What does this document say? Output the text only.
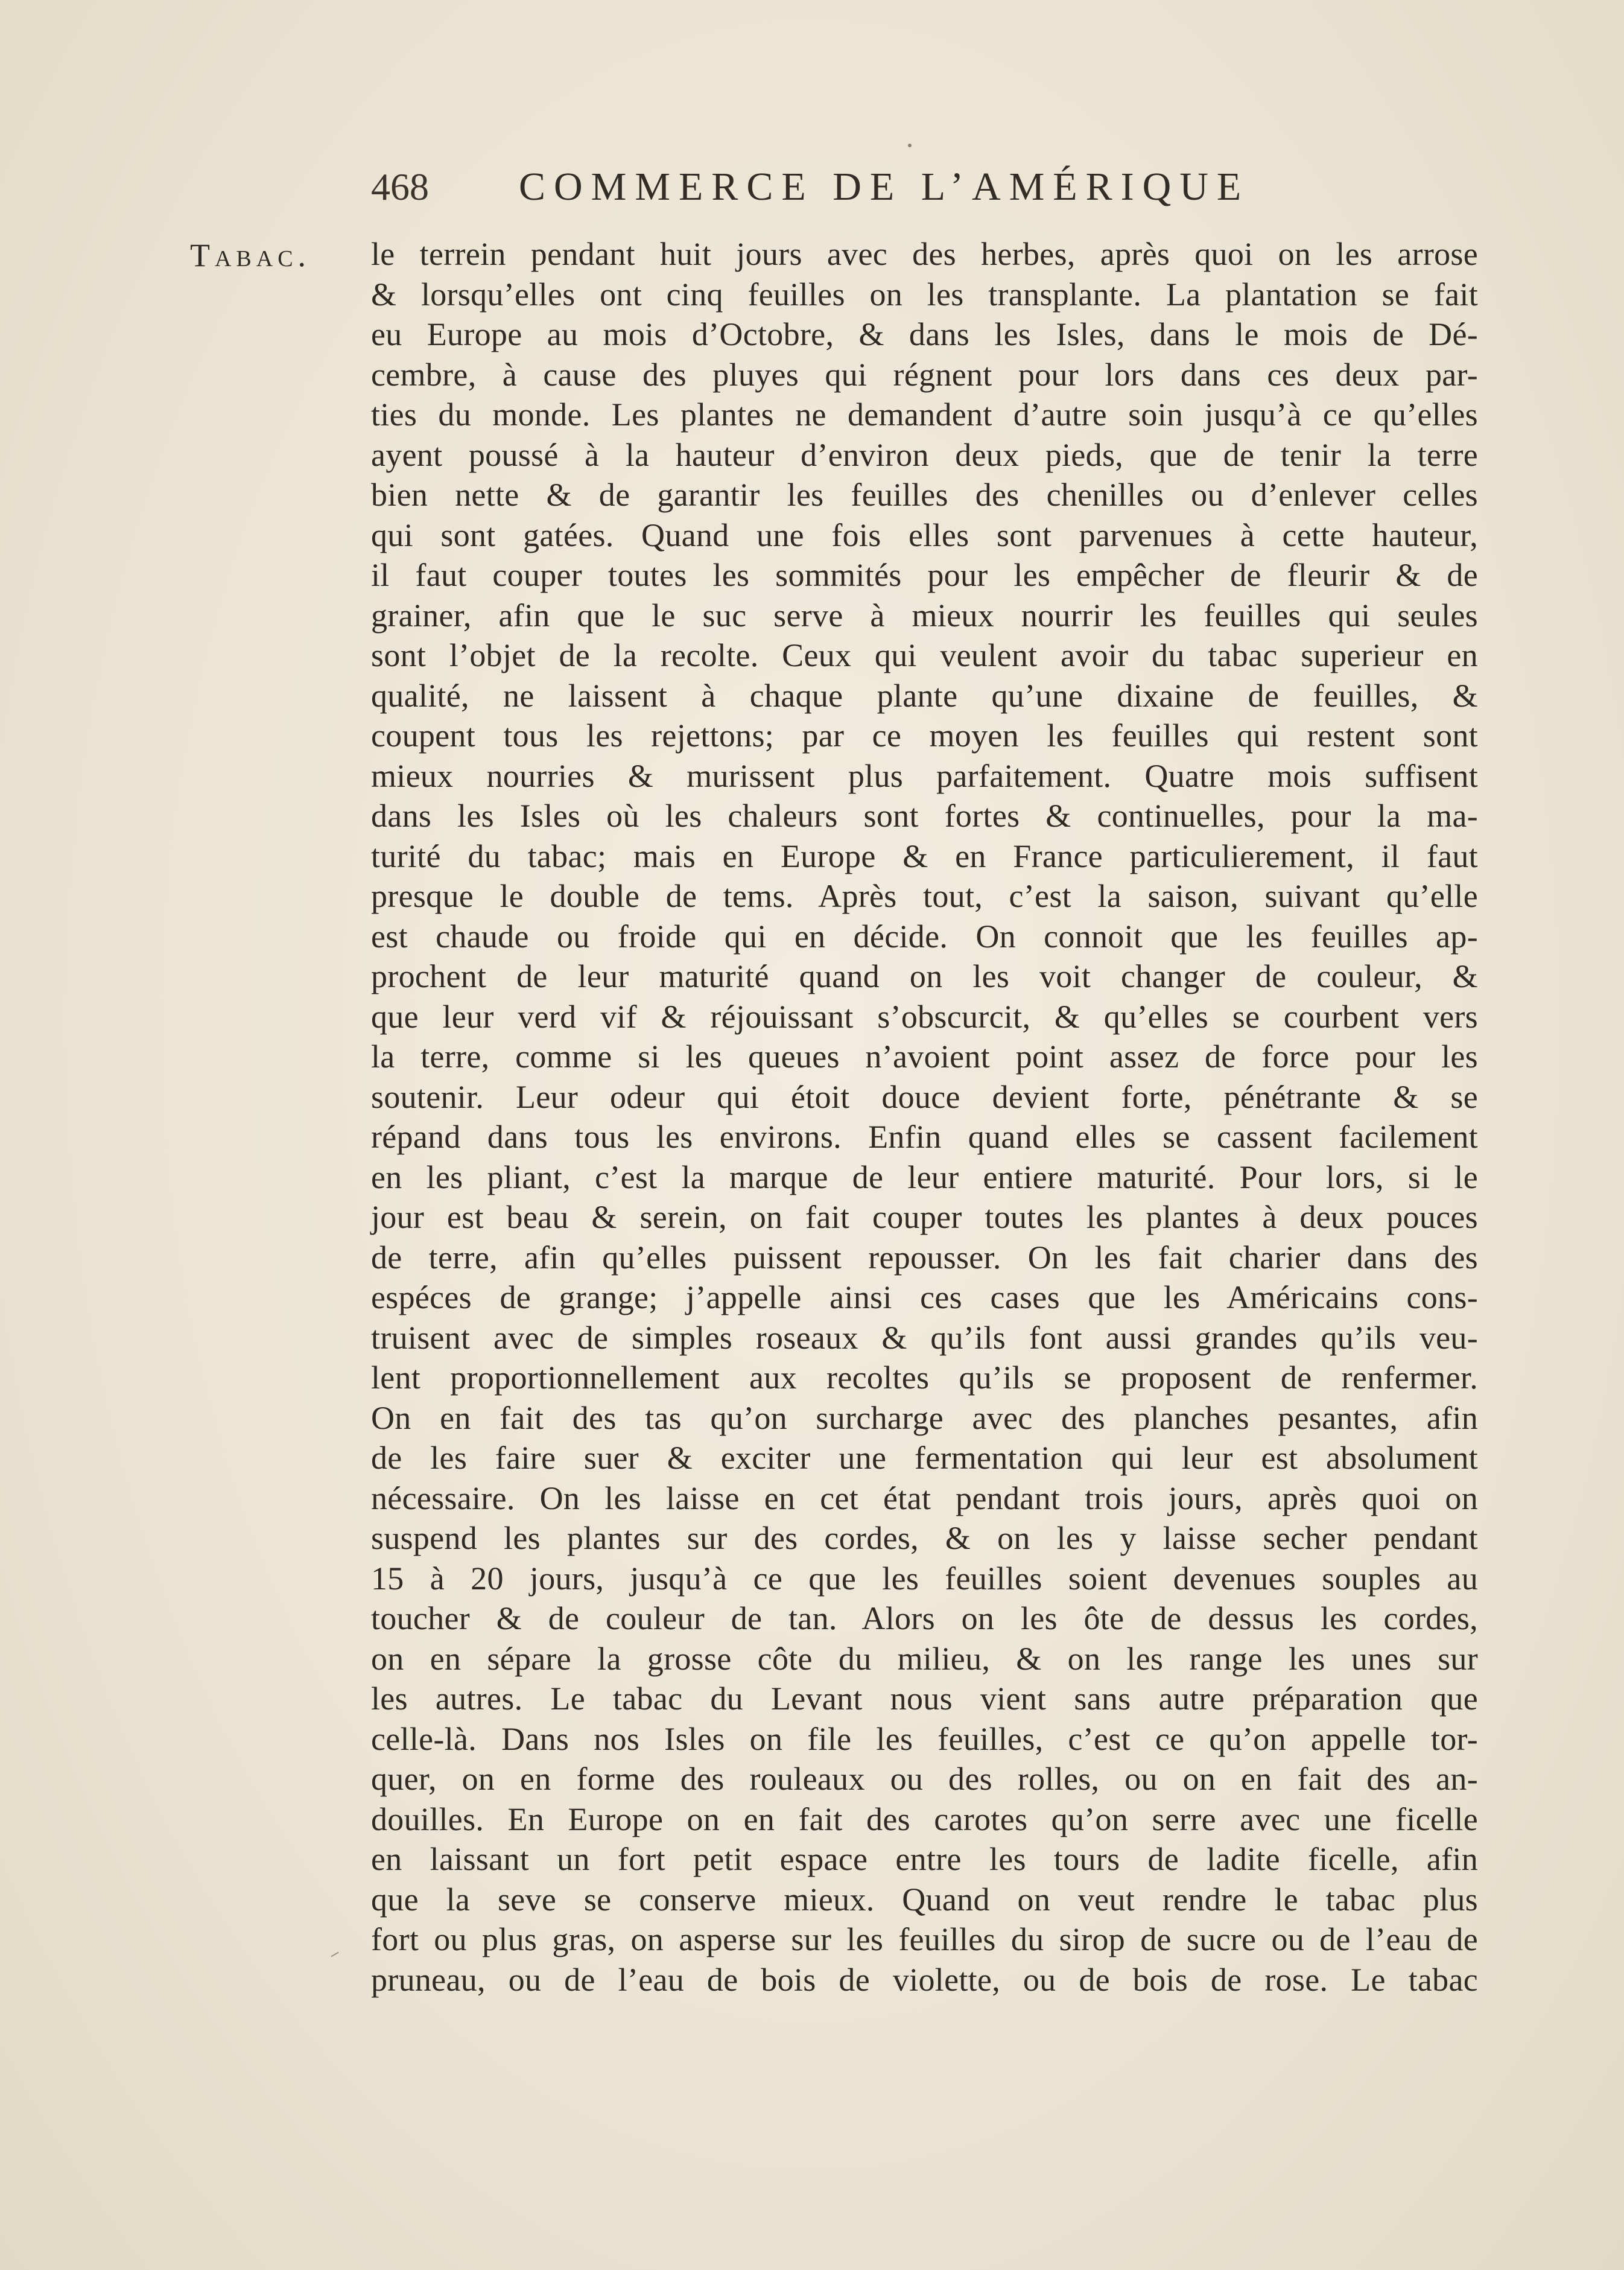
468	COMMERCE DE L’AMÉRIQUE
Tabac. le terrein pendant huit jours avec des herbes, après quoi on les arrose
& lorsqu’elles ont cinq feuilles on les transplante. La plantation se fait
eu Europe au mois d’Octobre, & dans les Isles, dans le mois de Dé-
cembre, à cause des pluyes qui régnent pour lors dans ces deux par-
ties du monde. Les plantes ne demandent d’autre soin jusqu’à ce qu’elles
ayent poussé à la hauteur d’environ deux pieds, que de tenir la terre
bien nette & de garantir les feuilles des chenilles ou d’enlever celles
qui sont gatées. Quand une fois elles sont parvenues à cette hauteur,
il faut couper toutes les sommités pour les empêcher de fleurir & de
grainer, afin que le suc serve à mieux nourrir les feuilles qui seules
sont l’objet de la recolte. Ceux qui veulent avoir du tabac superieur en
qualité, ne laissent à chaque plante qu’une dixaine de feuilles, &
coupent tous les rejettons; par ce moyen les feuilles qui restent sont
mieux nourries & murissent plus parfaitement. Quatre mois suffisent
dans les Isles où les chaleurs sont fortes & continuelles, pour la ma-
turité du tabac; mais en Europe & en France particulierement, il faut
presque le double de tems. Après tout, c’est la saison, suivant qu’elle
est chaude ou froide qui en décide. On connoit que les feuilles ap-
prochent de leur maturité quand on les voit changer de couleur, &
que leur verd vif & réjouissant s’obscurcit, & qu’elles se courbent vers
la terre, comme si les queues n’avoient point assez de force pour les
soutenir. Leur odeur qui étoit douce devient forte, pénétrante & se
répand dans tous les environs. Enfin quand elles se cassent facilement
en les pliant, c’est la marque de leur entiere maturité. Pour lors, si le
jour est beau & serein, on fait couper toutes les plantes à deux pouces
de terre, afin qu’elles puissent repousser. On les fait charier dans des
espéces de grange; j’appelle ainsi ces cases que les Américains cons-
truisent avec de simples roseaux & qu’ils font aussi grandes qu’ils veu-
lent proportionnellement aux recoltes qu’ils se proposent de renfermer.
On en fait des tas qu’on surcharge avec des planches pesantes, afin
de les faire suer & exciter une fermentation qui leur est absolument
nécessaire. On les laisse en cet état pendant trois jours, après quoi on
suspend les plantes sur des cordes, & on les y laisse secher pendant
15 à 20 jours, jusqu’à ce que les feuilles soient devenues souples au
toucher & de couleur de tan. Alors on les ôte de dessus les cordes,
on en sépare la grosse côte du milieu, & on les range les unes sur
les autres. Le tabac du Levant nous vient sans autre préparation que
celle-là. Dans nos Isles on file les feuilles, c’est ce qu’on appelle tor-
quer, on en forme des rouleaux ou des rolles, ou on en fait des an-
douilles. En Europe on en fait des carotes qu’on serre avec une ficelle
en laissant un fort petit espace entre les tours de ladite ficelle, afin
que la seve se conserve mieux. Quand on veut rendre le tabac plus
fort ou plus gras, on asperse sur les feuilles du sirop de sucre ou de l’eau de
pruneau, ou de l’eau de bois de violette, ou de bois de rose. Le tabac
